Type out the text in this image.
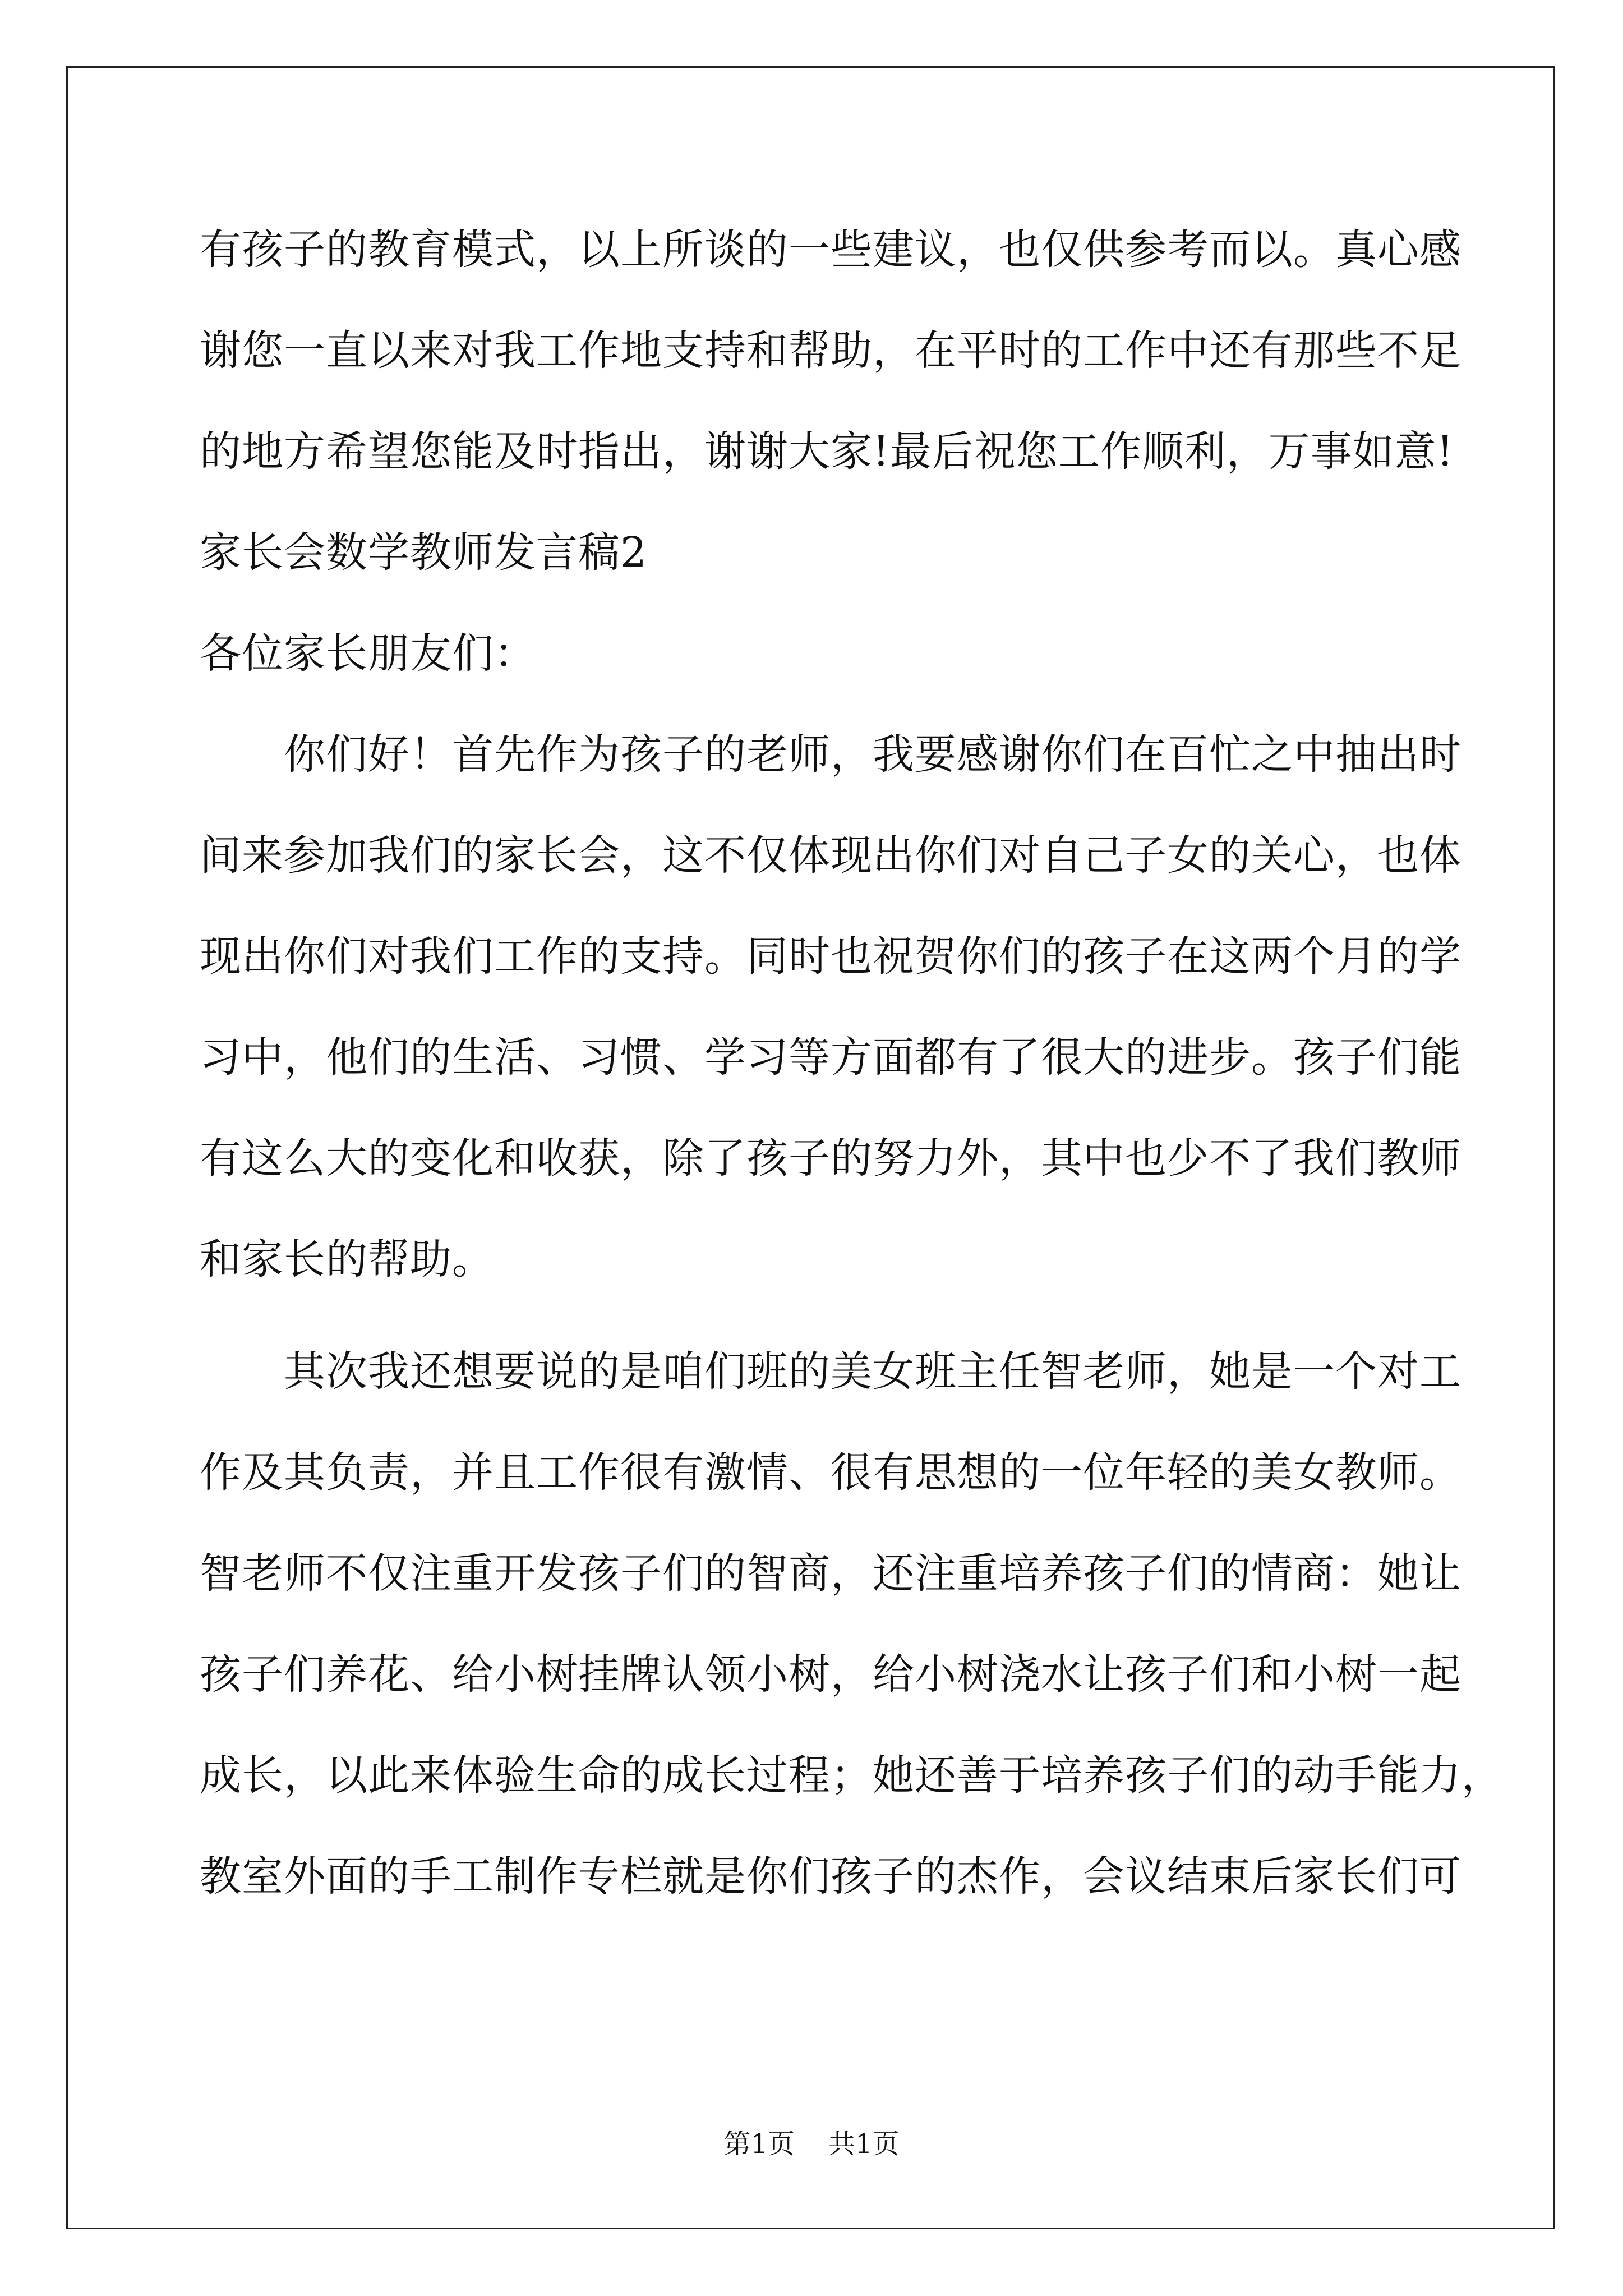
有孩子的教育模式，以上所谈的一些建议，也仅供参考而以。真心感
谢您一直以来对我工作地支持和帮助，在平时的工作中还有那些不足
的地方希望您能及时指出，谢谢大家!最后祝您工作顺利，万事如意!
家长会数学教师发言稿2
各位家长朋友们：
你们好！首先作为孩子的老师，我要感谢你们在百忙之中抽出时
间来参加我们的家长会，这不仅体现出你们对自己子女的关心，也体
现出你们对我们工作的支持。同时也祝贺你们的孩子在这两个月的学
习中，他们的生活、习惯、学习等方面都有了很大的进步。孩子们能
有这么大的变化和收获，除了孩子的努力外，其中也少不了我们教师
和家长的帮助。
其次我还想要说的是咱们班的美女班主任智老师，她是一个对工
作及其负责，并且工作很有激情、很有思想的一位年轻的美女教师。
智老师不仅注重开发孩子们的智商，还注重培养孩子们的情商：她让
孩子们养花、给小树挂牌认领小树，给小树浇水让孩子们和小树一起
成长，以此来体验生命的成长过程；她还善于培养孩子们的动手能力，
教室外面的手工制作专栏就是你们孩子的杰作，会议结束后家长们可
第1页 共1页
